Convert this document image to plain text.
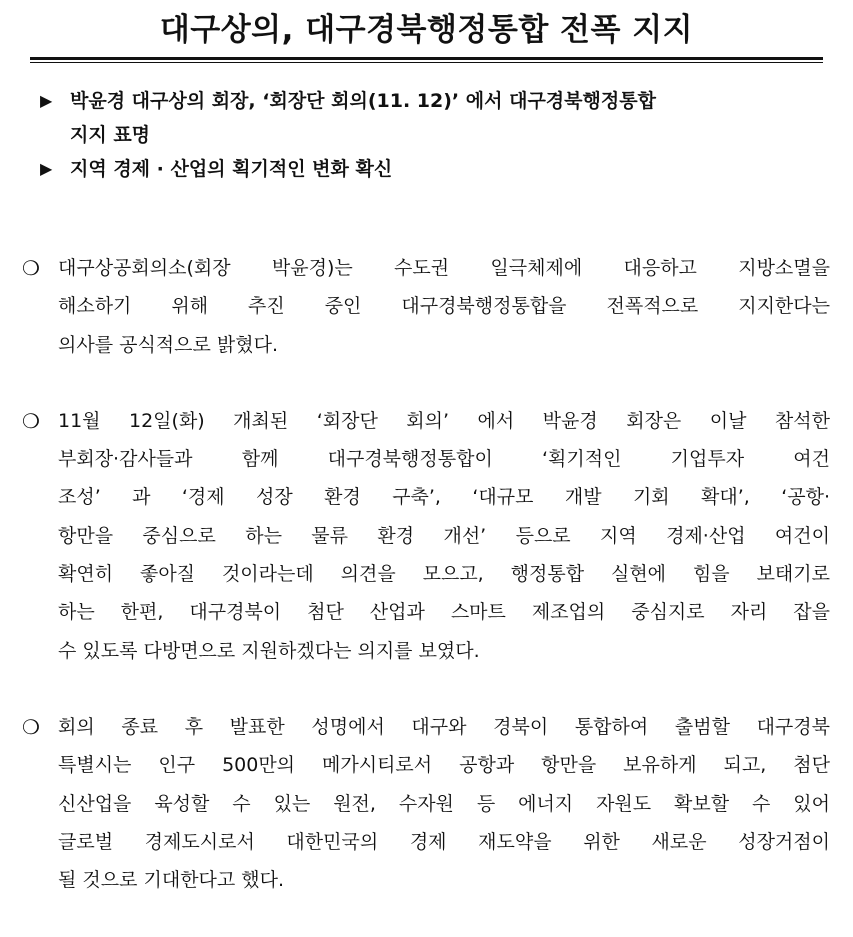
대구상의, 대구경북행정통합 전폭 지지
▶ 박윤경 대구상의 회장, ‘회장단 회의(11. 12)’ 에서 대구경북행정통합
지지 표명
▶ 지역 경제 · 산업의 획기적인 변화 확신
❍ 대구상공회의소(회장 박윤경)는 수도권 일극체제에 대응하고 지방소멸을
해소하기 위해 추진 중인 대구경북행정통합을 전폭적으로 지지한다는
의사를 공식적으로 밝혔다.
❍ 11월 12일(화) 개최된 ‘회장단 회의’ 에서 박윤경 회장은 이날 참석한
부회장·감사들과 함께 대구경북행정통합이 ‘획기적인 기업투자 여건
조성’ 과 ‘경제 성장 환경 구축’, ‘대규모 개발 기회 확대’, ‘공항·
항만을 중심으로 하는 물류 환경 개선’ 등으로 지역 경제·산업 여건이
확연히 좋아질 것이라는데 의견을 모으고, 행정통합 실현에 힘을 보태기로
하는 한편, 대구경북이 첨단 산업과 스마트 제조업의 중심지로 자리 잡을
수 있도록 다방면으로 지원하겠다는 의지를 보였다.
❍ 회의 종료 후 발표한 성명에서 대구와 경북이 통합하여 출범할 대구경북
특별시는 인구 500만의 메가시티로서 공항과 항만을 보유하게 되고, 첨단
신산업을 육성할 수 있는 원전, 수자원 등 에너지 자원도 확보할 수 있어
글로벌 경제도시로서 대한민국의 경제 재도약을 위한 새로운 성장거점이
될 것으로 기대한다고 했다.
